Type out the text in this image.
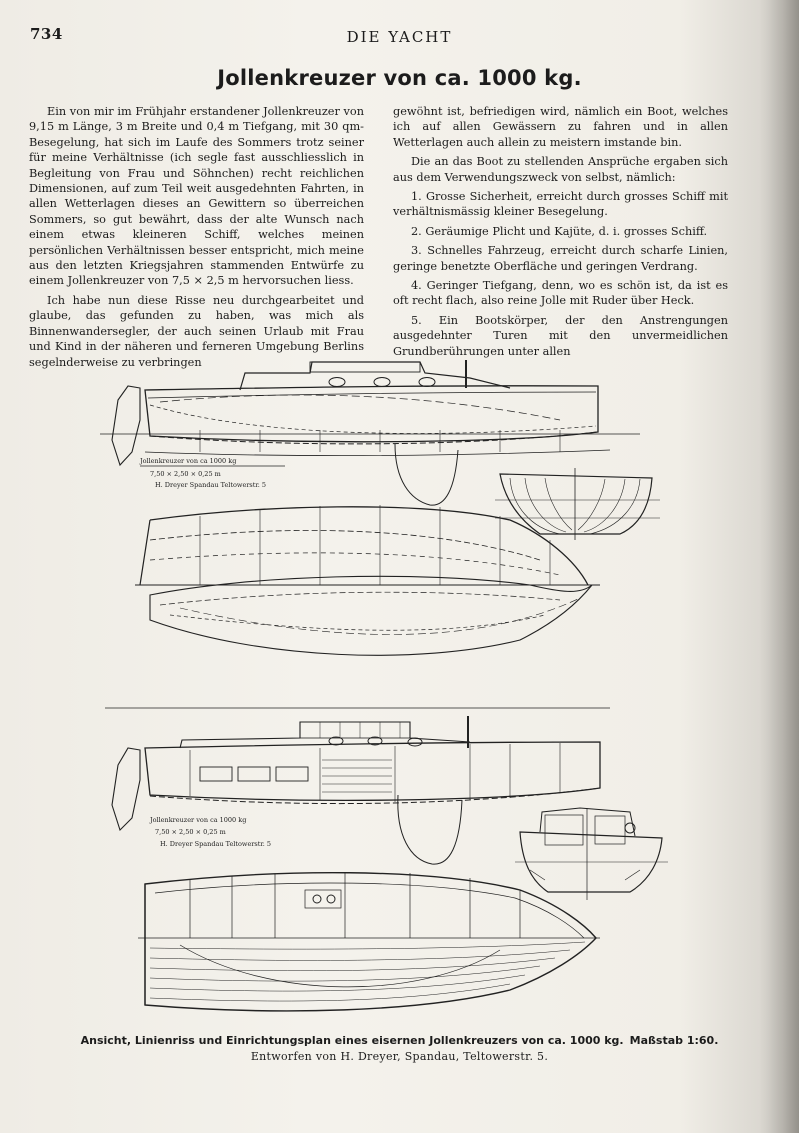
734	DIE YACHT
Jollenkreuzer von ca. 1000 kg.

Ein von mir im Frühjahr erstandener Jollenkreuzer von 9,15 m Länge, 3 m Breite und 0,4 m Tiefgang, mit 30 qm-Besegelung, hat sich im Laufe des Sommers trotz seiner für meine Verhältnisse (ich segle fast ausschliesslich in Begleitung von Frau und Söhnchen) recht reichlichen Dimensionen, auf zum Teil weit ausgedehnten Fahrten, in allen Wetterlagen dieses an Gewittern so überreichen Sommers, so gut bewährt, dass der alte Wunsch nach einem etwas kleineren Schiff, welches meinen persönlichen Verhältnissen besser entspricht, mich meine aus den letzten Kriegsjahren stammenden Entwürfe zu einem Jollenkreuzer von 7,5 × 2,5 m hervorsuchen liess.

Ich habe nun diese Risse neu durchgearbeitet und glaube, das gefunden zu haben, was mich als Binnenwandersegler, der auch seinen Urlaub mit Frau und Kind in der näheren und ferneren Umgebung Berlins segelnderweise zu verbringen

gewöhnt ist, befriedigen wird, nämlich ein Boot, welches ich auf allen Gewässern zu fahren und in allen Wetterlagen auch allein zu meistern imstande bin.

Die an das Boot zu stellenden Ansprüche ergaben sich aus dem Verwendungszweck von selbst, nämlich:

1. Grosse Sicherheit, erreicht durch grosses Schiff mit verhältnismässig kleiner Besegelung.
2. Geräumige Plicht und Kajüte, d. i. grosses Schiff.
3. Schnelles Fahrzeug, erreicht durch scharfe Linien, geringe benetzte Oberfläche und geringen Verdrang.
4. Geringer Tiefgang, denn, wo es schön ist, da ist es oft recht flach, also reine Jolle mit Ruder über Heck.
5. Ein Bootskörper, der den Anstrengungen ausgedehnter Turen mit den unvermeidlichen Grundberührungen unter allen
Jollenkreuzer von ca 1000 kg
7,50 × 2,50 × 0,25 m
H. Dreyer Spandau Teltowerstr. 5
Jollenkreuzer von ca 1000 kg
7,50 × 2,50 × 0,25 m
H. Dreyer Spandau Teltowerstr. 5
Ansicht, Linienriss und Einrichtungsplan eines eisernen Jollenkreuzers von ca. 1000 kg. Maßstab 1:60.
Entworfen von H. Dreyer, Spandau, Teltowerstr. 5.
